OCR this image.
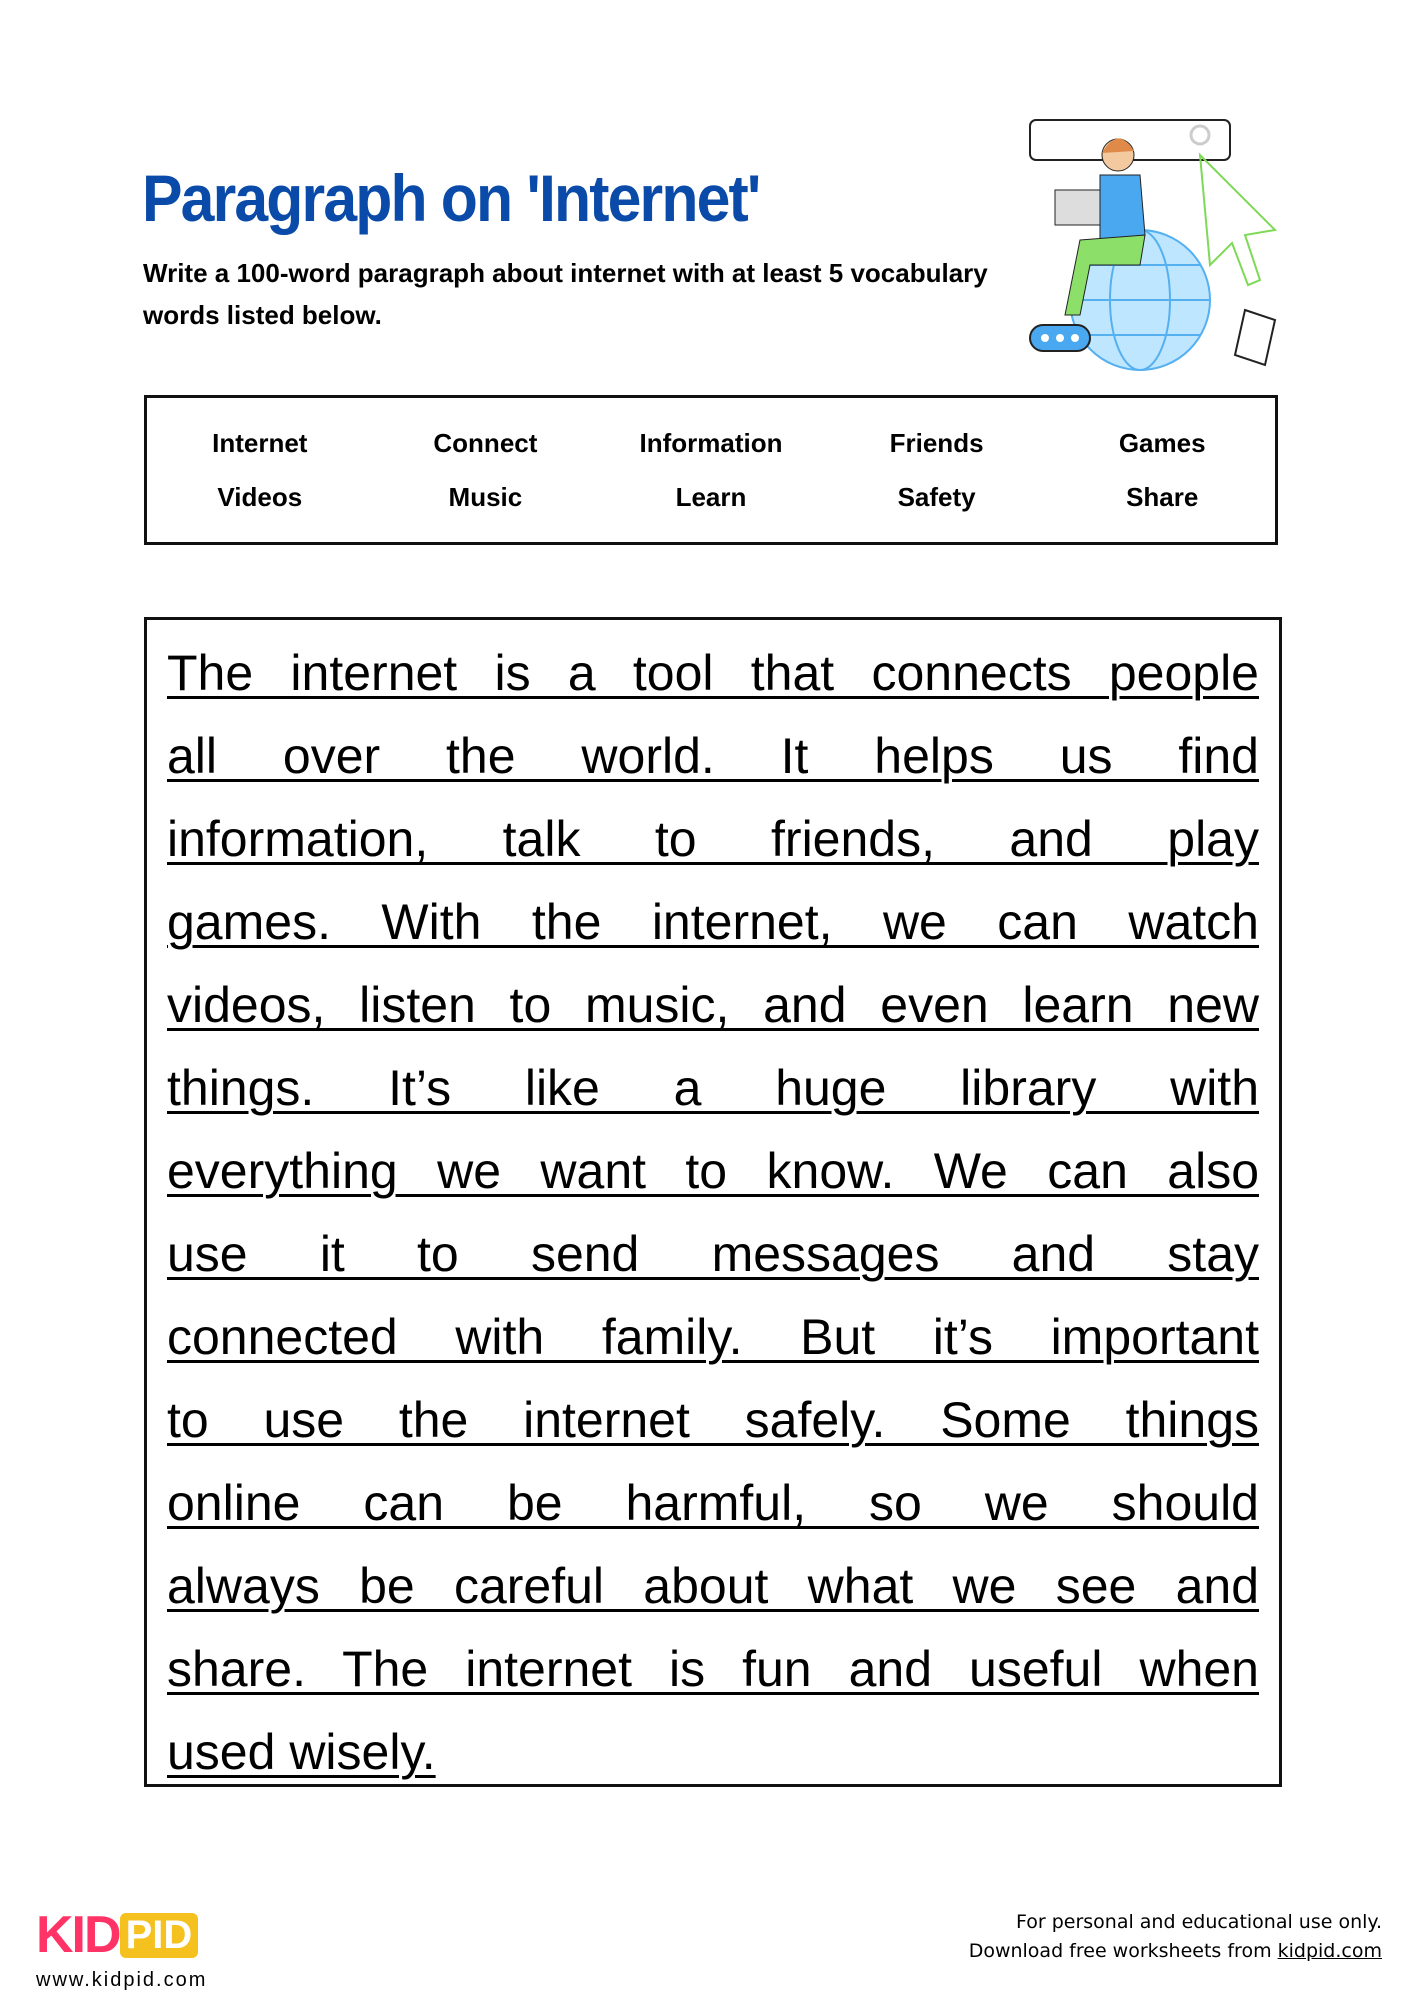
Paragraph on 'Internet'
Write a 100-word paragraph about internet with at least 5 vocabulary words listed below.
Internet	Connect	Information	Friends	Games
Videos	Music	Learn	Safety	Share
The internet is a tool that connects people
all over the world. It helps us find
information, talk to friends, and play
games. With the internet, we can watch
videos, listen to music, and even learn new
things. It’s like a huge library with
everything we want to know. We can also
use it to send messages and stay
connected with family. But it’s important
to use the internet safely. Some things
online can be harmful, so we should
always be careful about what we see and
share. The internet is fun and useful when
used wisely.
KID PID
www.kidpid.com
For personal and educational use only.
Download free worksheets from kidpid.com
